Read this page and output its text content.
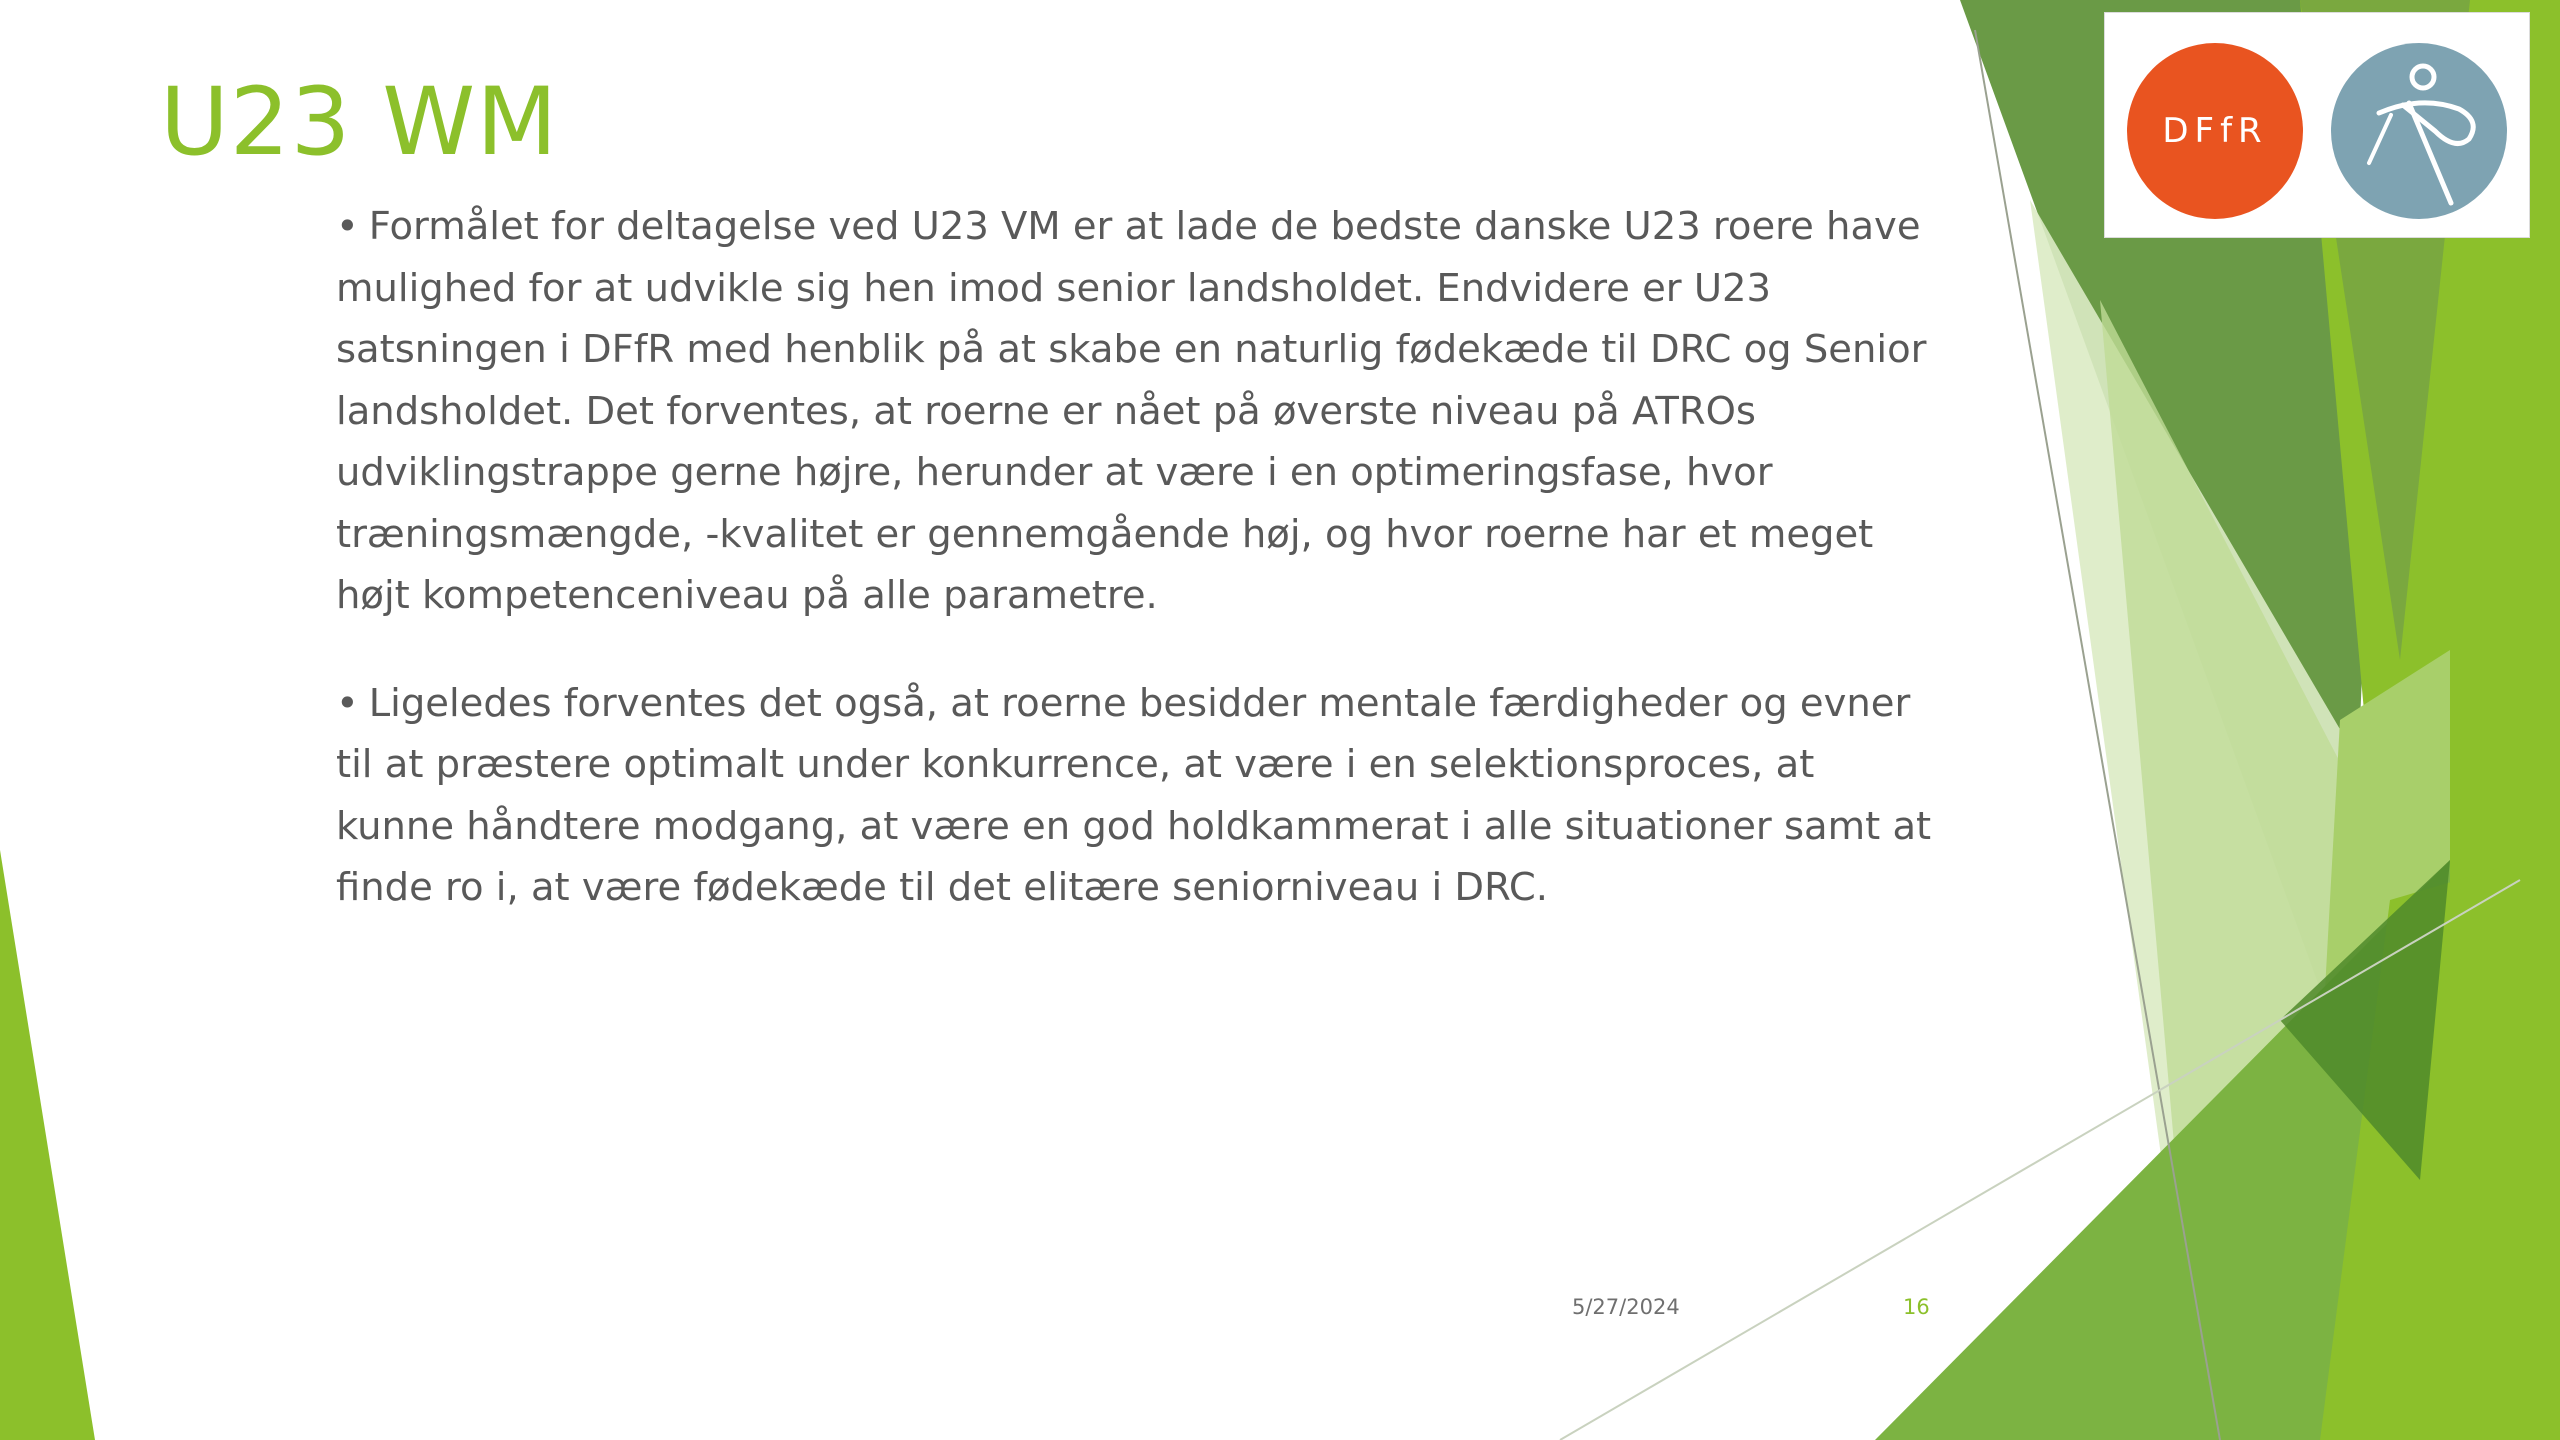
U23 WM

• Formålet for deltagelse ved U23 VM er at lade de bedste danske U23 roere have mulighed for at udvikle sig hen imod senior landsholdet. Endvidere er U23 satsningen i DFfR med henblik på at skabe en naturlig fødekæde til DRC og Senior landsholdet. Det forventes, at roerne er nået på øverste niveau på ATROs udviklingstrappe gerne højre, herunder at være i en optimeringsfase, hvor træningsmængde, -kvalitet er gennemgående høj, og hvor roerne har et meget højt kompetenceniveau på alle parametre.

• Ligeledes forventes det også, at roerne besidder mentale færdigheder og evner til at præstere optimalt under konkurrence, at være i en selektionsproces, at kunne håndtere modgang, at være en god holdkammerat i alle situationer samt at finde ro i, at være fødekæde til det elitære seniorniveau i DRC.

5/27/2024	16
DFfR
